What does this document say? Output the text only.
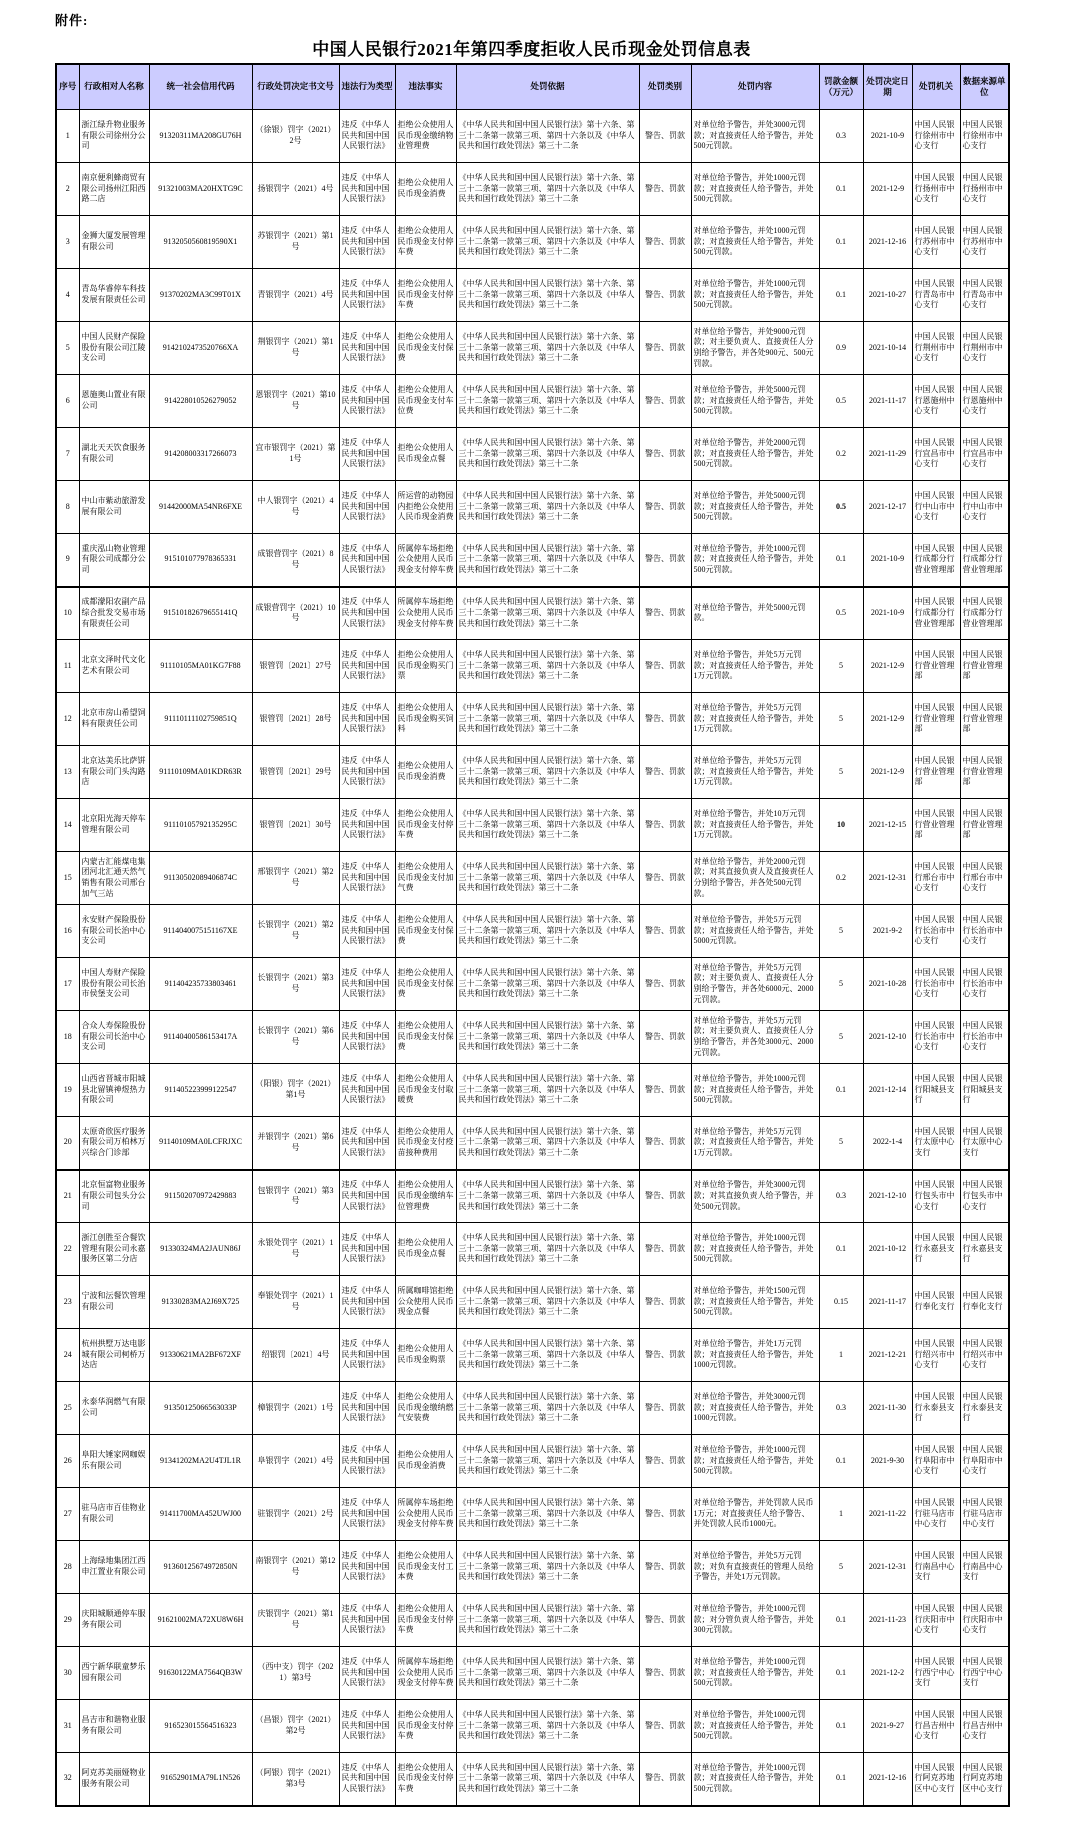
附件:
中国人民银行2021年第四季度拒收人民币现金处罚信息表
序号	行政相对人名称	统一社会信用代码	行政处罚决定书文号	违法行为类型	违法事实	处罚依据	处罚类别	处罚内容	罚款金额（万元）	处罚决定日期	处罚机关	数据来源单位
1	浙江绿升物业服务有限公司徐州分公司	91320311MA208GU76H	（徐银）罚字（2021）2号	违反《中华人民共和国中国人民银行法》	拒绝公众使用人民币现金缴纳物业管理费	《中华人民共和国中国人民银行法》第十六条、第三十二条第一款第三项、第四十六条以及《中华人民共和国行政处罚法》第三十二条	警告、罚款	对单位给予警告，并处3000元罚款；对直接责任人给予警告，并处500元罚款。	0.3	2021-10-9	中国人民银行徐州市中心支行	中国人民银行徐州市中心支行
2	南京便利蜂商贸有限公司扬州江阳西路二店	91321003MA20HXTG9C	扬银罚字（2021）4号	违反《中华人民共和国中国人民银行法》	拒绝公众使用人民币现金消费	《中华人民共和国中国人民银行法》第十六条、第三十二条第一款第三项、第四十六条以及《中华人民共和国行政处罚法》第三十二条	警告、罚款	对单位给予警告，并处1000元罚款；对直接责任人给予警告，并处500元罚款。	0.1	2021-12-9	中国人民银行扬州市中心支行	中国人民银行扬州市中心支行
3	金狮大厦发展管理有限公司	9132050560819590X1	苏银罚字（2021）第1号	违反《中华人民共和国中国人民银行法》	拒绝公众使用人民币现金支付停车费	《中华人民共和国中国人民银行法》第十六条、第三十二条第一款第三项、第四十六条以及《中华人民共和国行政处罚法》第三十二条	警告、罚款	对单位给予警告，并处1000元罚款；对直接责任人给予警告，并处500元罚款。	0.1	2021-12-16	中国人民银行苏州市中心支行	中国人民银行苏州市中心支行
4	青岛华睿停车科技发展有限责任公司	91370202MA3C99T01X	青银罚字（2021）4号	违反《中华人民共和国中国人民银行法》	拒绝公众使用人民币现金支付停车费	《中华人民共和国中国人民银行法》第十六条、第三十二条第一款第三项、第四十六条以及《中华人民共和国行政处罚法》第三十二条	警告、罚款	对单位给予警告，并处1000元罚款；对直接责任人给予警告，并处500元罚款。	0.1	2021-10-27	中国人民银行青岛市中心支行	中国人民银行青岛市中心支行
5	中国人民财产保险股份有限公司江陵支公司	9142102473520766XA	荆银罚字（2021）第1号	违反《中华人民共和国中国人民银行法》	拒绝公众使用人民币现金支付保费	《中华人民共和国中国人民银行法》第十六条、第三十二条第一款第三项、第四十六条以及《中华人民共和国行政处罚法》第三十二条	警告、罚款	对单位给予警告，并处9000元罚款；对主要负责人、直接责任人分别给予警告，并各处900元、500元罚款。	0.9	2021-10-14	中国人民银行荆州市中心支行	中国人民银行荆州市中心支行
6	恩施奥山置业有限公司	914228010526279052	恩银罚字（2021）第10号	违反《中华人民共和国中国人民银行法》	拒绝公众使用人民币现金支付车位费	《中华人民共和国中国人民银行法》第十六条、第三十二条第一款第三项、第四十六条以及《中华人民共和国行政处罚法》第三十二条	警告、罚款	对单位给予警告，并处5000元罚款；对直接责任人给予警告，并处500元罚款。	0.5	2021-11-17	中国人民银行恩施州中心支行	中国人民银行恩施州中心支行
7	湖北天天饮食服务有限公司	914208003317266073	宜市银罚字（2021）第1号	违反《中华人民共和国中国人民银行法》	拒绝公众使用人民币现金点餐	《中华人民共和国中国人民银行法》第十六条、第三十二条第一款第三项、第四十六条以及《中华人民共和国行政处罚法》第三十二条	警告、罚款	对单位给予警告，并处2000元罚款；对直接责任人给予警告，并处500元罚款。	0.2	2021-11-29	中国人民银行宜昌市中心支行	中国人民银行宜昌市中心支行
8	中山市紫动旅游发展有限公司	91442000MA54NR6FXE	中人银罚字（2021）4号	违反《中华人民共和国中国人民银行法》	所运营的动物园内拒绝公众使用人民币现金消费	《中华人民共和国中国人民银行法》第十六条、第三十二条第一款第三项、第四十六条以及《中华人民共和国行政处罚法》第三十二条	警告、罚款	对单位给予警告，并处5000元罚款；对直接责任人给予警告，并处500元罚款。	0.5	2021-12-17	中国人民银行中山市中心支行	中国人民银行中山市中心支行
9	重庆泓山物业管理有限公司成都分公司	915101077978365331	成银营罚字（2021）8号	违反《中华人民共和国中国人民银行法》	所属停车场拒绝公众使用人民币现金支付停车费	《中华人民共和国中国人民银行法》第十六条、第三十二条第一款第三项、第四十六条以及《中华人民共和国行政处罚法》第三十二条	警告、罚款	对单位给予警告，并处1000元罚款；对直接责任人给予警告，并处500元罚款。	0.1	2021-10-9	中国人民银行成都分行营业管理部	中国人民银行成都分行营业管理部
10	成都濛阳农副产品综合批发交易市场有限责任公司	91510182679655141Q	成银营罚字（2021）10号	违反《中华人民共和国中国人民银行法》	所属停车场拒绝公众使用人民币现金支付停车费	《中华人民共和国中国人民银行法》第十六条、第三十二条第一款第三项、第四十六条以及《中华人民共和国行政处罚法》第三十二条	警告、罚款	对单位给予警告，并处5000元罚款。	0.5	2021-10-9	中国人民银行成都分行营业管理部	中国人民银行成都分行营业管理部
11	北京文泽时代文化艺术有限公司	91110105MA01KG7F88	银管罚〔2021〕27号	违反《中华人民共和国中国人民银行法》	拒绝公众使用人民币现金购买门票	《中华人民共和国中国人民银行法》第十六条、第三十二条第一款第三项、第四十六条以及《中华人民共和国行政处罚法》第三十二条	警告、罚款	对单位给予警告，并处5万元罚款；对直接责任人给予警告，并处1万元罚款。	5	2021-12-9	中国人民银行营业管理部	中国人民银行营业管理部
12	北京市房山希望饲料有限责任公司	91110111102759851Q	银管罚〔2021〕28号	违反《中华人民共和国中国人民银行法》	拒绝公众使用人民币现金购买饲料	《中华人民共和国中国人民银行法》第十六条、第三十二条第一款第三项、第四十六条以及《中华人民共和国行政处罚法》第三十二条	警告、罚款	对单位给予警告，并处5万元罚款；对直接责任人给予警告，并处1万元罚款。	5	2021-12-9	中国人民银行营业管理部	中国人民银行营业管理部
13	北京达美乐比萨饼有限公司门头沟路店	91110109MA01KDR63R	银管罚〔2021〕29号	违反《中华人民共和国中国人民银行法》	拒绝公众使用人民币现金消费	《中华人民共和国中国人民银行法》第十六条、第三十二条第一款第三项、第四十六条以及《中华人民共和国行政处罚法》第三十二条	警告、罚款	对单位给予警告，并处5万元罚款；对直接责任人给予警告，并处1万元罚款。	5	2021-12-9	中国人民银行营业管理部	中国人民银行营业管理部
14	北京阳光海天停车管理有限公司	91110105792135295C	银管罚〔2021〕30号	违反《中华人民共和国中国人民银行法》	拒绝公众使用人民币现金支付停车费	《中华人民共和国中国人民银行法》第十六条、第三十二条第一款第三项、第四十六条以及《中华人民共和国行政处罚法》第三十二条	警告、罚款	对单位给予警告，并处10万元罚款；对直接责任人给予警告，并处1万元罚款。	10	2021-12-15	中国人民银行营业管理部	中国人民银行营业管理部
15	内蒙古汇能煤电集团河北汇通天然气销售有限公司邢台加气三站	91130502089406874C	邢银罚字（2021）第2号	违反《中华人民共和国中国人民银行法》	拒绝公众使用人民币现金支付加气费	《中华人民共和国中国人民银行法》第十六条、第三十二条第一款第三项、第四十六条以及《中华人民共和国行政处罚法》第三十二条	警告、罚款	对单位给予警告，并处2000元罚款；对其直接负责人及直接责任人分别给予警告，并各处500元罚款。	0.2	2021-12-31	中国人民银行邢台市中心支行	中国人民银行邢台市中心支行
16	永安财产保险股份有限公司长治中心支公司	9114040075151167XE	长银罚字（2021）第2号	违反《中华人民共和国中国人民银行法》	拒绝公众使用人民币现金支付保费	《中华人民共和国中国人民银行法》第十六条、第三十二条第一款第三项、第四十六条以及《中华人民共和国行政处罚法》第三十二条	警告、罚款	对单位给予警告，并处5万元罚款；对直接责任人给予警告，并处5000元罚款。	5	2021-9-2	中国人民银行长治市中心支行	中国人民银行长治市中心支行
17	中国人寿财产保险股份有限公司长治市侯堡支公司	911404235733803461	长银罚字（2021）第3号	违反《中华人民共和国中国人民银行法》	拒绝公众使用人民币现金支付保费	《中华人民共和国中国人民银行法》第十六条、第三十二条第一款第三项、第四十六条以及《中华人民共和国行政处罚法》第三十二条	警告、罚款	对单位给予警告，并处5万元罚款；对主要负责人、直接责任人分别给予警告，并各处6000元、2000元罚款。	5	2021-10-28	中国人民银行长治市中心支行	中国人民银行长治市中心支行
18	合众人寿保险股份有限公司长治中心支公司	91140400586153417A	长银罚字（2021）第6号	违反《中华人民共和国中国人民银行法》	拒绝公众使用人民币现金支付保费	《中华人民共和国中国人民银行法》第十六条、第三十二条第一款第三项、第四十六条以及《中华人民共和国行政处罚法》第三十二条	警告、罚款	对单位给予警告，并处5万元罚款；对主要负责人、直接责任人分别给予警告，并各处3000元、2000元罚款。	5	2021-12-10	中国人民银行长治市中心支行	中国人民银行长治市中心支行
19	山西省晋城市阳城县北留镇神煜热力有限公司	911405223999122547	（阳银）罚字（2021）第1号	违反《中华人民共和国中国人民银行法》	拒绝公众使用人民币现金支付取暖费	《中华人民共和国中国人民银行法》第十六条、第三十二条第一款第三项、第四十六条以及《中华人民共和国行政处罚法》第三十二条	警告、罚款	对单位给予警告，并处1000元罚款；对直接责任人给予警告，并处500元罚款。	0.1	2021-12-14	中国人民银行阳城县支行	中国人民银行阳城县支行
20	太原奇欣医疗服务有限公司万柏林万兴综合门诊部	91140109MA0LCFRJXC	并银罚字（2021）第6号	违反《中华人民共和国中国人民银行法》	拒绝公众使用人民币现金支付疫苗接种费用	《中华人民共和国中国人民银行法》第十六条、第三十二条第一款第三项、第四十六条以及《中华人民共和国行政处罚法》第三十二条	警告、罚款	对单位给予警告，并处5万元罚款；对直接责任人给予警告，并处1万元罚款。	5	2022-1-4	中国人民银行太原中心支行	中国人民银行太原中心支行
21	北京恒富物业服务有限公司包头分公司	911502070972429883	包银罚字（2021）第3号	违反《中华人民共和国中国人民银行法》	拒绝公众使用人民币现金缴纳车位管理费	《中华人民共和国中国人民银行法》第十六条、第三十二条第一款第三项、第四十六条以及《中华人民共和国行政处罚法》第三十二条	警告、罚款	对单位给予警告，并处3000元罚款；对其直接负责人给予警告，并处500元罚款。	0.3	2021-12-10	中国人民银行包头市中心支行	中国人民银行包头市中心支行
22	浙江创胜至合餐饮管理有限公司永嘉服务区第二分店	91330324MA2JAUN86J	永银处罚字（2021）1号	违反《中华人民共和国中国人民银行法》	拒绝公众使用人民币现金点餐	《中华人民共和国中国人民银行法》第十六条、第三十二条第一款第三项、第四十六条以及《中华人民共和国行政处罚法》第三十二条	警告、罚款	对单位给予警告，并处1000元罚款；对直接责任人给予警告，并处500元罚款。	0.1	2021-10-12	中国人民银行永嘉县支行	中国人民银行永嘉县支行
23	宁波和沄餐饮管理有限公司	91330283MA2J69X725	奉银处罚字（2021）1号	违反《中华人民共和国中国人民银行法》	所属咖啡馆拒绝公众使用人民币现金点餐	《中华人民共和国中国人民银行法》第十六条、第三十二条第一款第三项、第四十六条以及《中华人民共和国行政处罚法》第三十二条	警告、罚款	对单位给予警告，并处1500元罚款；对直接责任人给予警告，并处500元罚款。	0.15	2021-11-17	中国人民银行奉化支行	中国人民银行奉化支行
24	杭州拱墅万达电影城有限公司柯桥万达店	91330621MA2BF672XF	绍银罚〔2021〕4号	违反《中华人民共和国中国人民银行法》	拒绝公众使用人民币现金购票	《中华人民共和国中国人民银行法》第十六条、第三十二条第一款第三项、第四十六条以及《中华人民共和国行政处罚法》第三十二条	警告、罚款	对单位给予警告，并处1万元罚款；对直接责任人给予警告，并处1000元罚款。	1	2021-12-21	中国人民银行绍兴市中心支行	中国人民银行绍兴市中心支行
25	永泰华润燃气有限公司	91350125066563033P	樟银罚字（2021）1号	违反《中华人民共和国中国人民银行法》	拒绝公众使用人民币现金缴纳燃气安装费	《中华人民共和国中国人民银行法》第十六条、第三十二条第一款第三项、第四十六条以及《中华人民共和国行政处罚法》第三十二条	警告、罚款	对单位给予警告，并处3000元罚款；对直接责任人给予警告，并处1000元罚款。	0.3	2021-11-30	中国人民银行永泰县支行	中国人民银行永泰县支行
26	阜阳大锤家网咖娱乐有限公司	91341202MA2U4TJL1R	阜银罚字（2021）4号	违反《中华人民共和国中国人民银行法》	拒绝公众使用人民币现金消费	《中华人民共和国中国人民银行法》第十六条、第三十二条第一款第三项、第四十六条以及《中华人民共和国行政处罚法》第三十二条	警告、罚款	对单位给予警告，并处1000元罚款；对直接责任人给予警告，并处500元罚款。	0.1	2021-9-30	中国人民银行阜阳市中心支行	中国人民银行阜阳市中心支行
27	驻马店市百佳物业有限公司	91411700MA452UWJ00	驻银罚字（2021）2号	违反《中华人民共和国中国人民银行法》	所属停车场拒绝公众使用人民币现金支付停车费	《中华人民共和国中国人民银行法》第十六条、第三十二条第一款第三项、第四十六条以及《中华人民共和国行政处罚法》第三十二条	警告、罚款	对单位给予警告，并处罚款人民币1万元；对直接责任人给予警告、并处罚款人民币1000元。	1	2021-11-22	中国人民银行驻马店市中心支行	中国人民银行驻马店市中心支行
28	上海绿地集团江西申江置业有限公司	91360125674972850N	南银罚字（2021）第12号	违反《中华人民共和国中国人民银行法》	拒绝公众使用人民币现金支付工本费	《中华人民共和国中国人民银行法》第十六条、第三十二条第一款第三项、第四十六条以及《中华人民共和国行政处罚法》第三十二条	警告、罚款	对单位给予警告，并处5万元罚款；对负有直接责任的管理人员给予警告，并处1万元罚款。	5	2021-12-31	中国人民银行南昌中心支行	中国人民银行南昌中心支行
29	庆阳城顺通停车服务有限公司	91621002MA72XU8W6H	庆银罚字（2021）第1号	违反《中华人民共和国中国人民银行法》	拒绝公众使用人民币现金支付停车费	《中华人民共和国中国人民银行法》第十六条、第三十二条第一款第三项、第四十六条以及《中华人民共和国行政处罚法》第三十二条	警告、罚款	对单位给予警告，并处1000元罚款；对分管负责人给予警告，并处300元罚款。	0.1	2021-11-23	中国人民银行庆阳市中心支行	中国人民银行庆阳市中心支行
30	西宁新华联童梦乐园有限公司	91630122MA7564QB3W	（西中支）罚字（2021）第3号	违反《中华人民共和国中国人民银行法》	所属停车场拒绝公众使用人民币现金支付停车费	《中华人民共和国中国人民银行法》第十六条、第三十二条第一款第三项、第四十六条以及《中华人民共和国行政处罚法》第三十二条	警告、罚款	对单位给予警告，并处1000元罚款；对直接责任人给予警告，并处500元罚款。	0.1	2021-12-2	中国人民银行西宁中心支行	中国人民银行西宁中心支行
31	昌吉市和谐物业服务有限公司	916523015564516323	（昌银）罚字（2021）第2号	违反《中华人民共和国中国人民银行法》	拒绝公众使用人民币现金支付停车费	《中华人民共和国中国人民银行法》第十六条、第三十二条第一款第三项、第四十六条以及《中华人民共和国行政处罚法》第三十二条	警告、罚款	对单位给予警告，并处1000元罚款；对直接责任人给予警告，并处500元罚款。	0.1	2021-9-27	中国人民银行昌吉州中心支行	中国人民银行昌吉州中心支行
32	阿克苏美丽娅物业服务有限公司	91652901MA79L1N526	（阿银）罚字（2021）第3号	违反《中华人民共和国中国人民银行法》	拒绝公众使用人民币现金支付停车费	《中华人民共和国中国人民银行法》第十六条、第三十二条第一款第三项、第四十六条以及《中华人民共和国行政处罚法》第三十二条	警告、罚款	对单位给予警告，并处1000元罚款；对直接责任人给予警告，并处500元罚款。	0.1	2021-12-16	中国人民银行阿克苏地区中心支行	中国人民银行阿克苏地区中心支行
